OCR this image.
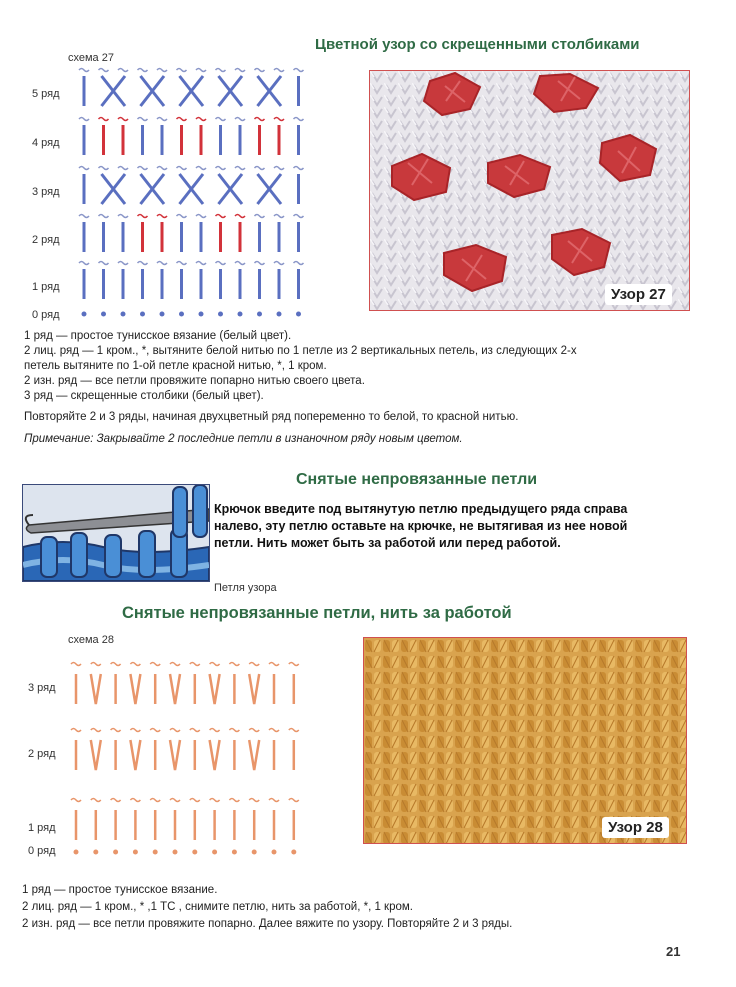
Цветной узор со скрещенными столбиками
схема 27
5 ряд
4 ряд
3 ряд
2 ряд
1 ряд
0 ряд
Узор 27
1 ряд — простое тунисское вязание (белый цвет).
2 лиц. ряд — 1 кром., *, вытяните белой нитью по 1 петле из 2 вертикальных петель, из следующих 2-х
петель вытяните по 1-ой петле красной нитью, *, 1 кром.
2 изн. ряд — все петли провяжите попарно нитью своего цвета.
3 ряд — скрещенные столбики (белый цвет).
Повторяйте 2 и 3 ряды, начиная двухцветный ряд попеременно то белой, то красной нитью.
Примечание: Закрывайте 2 последние петли в изнаночном ряду новым цветом.
Снятые непровязанные петли
Петля узора
Крючок введите под вытянутую петлю предыдущего ряда справа
налево, эту петлю оставьте на крючке, не вытягивая из нее новой
петли. Нить может быть за работой или перед работой.
Снятые непровязанные петли, нить за работой
схема 28
3 ряд
2 ряд
1 ряд
0 ряд
Узор 28
1 ряд — простое тунисское вязание.
2 лиц. ряд — 1 кром., * ,1 ТС , снимите петлю, нить за работой, *, 1 кром.
2 изн. ряд — все петли провяжите попарно. Далее вяжите по узору. Повторяйте 2 и 3 ряды.
21
